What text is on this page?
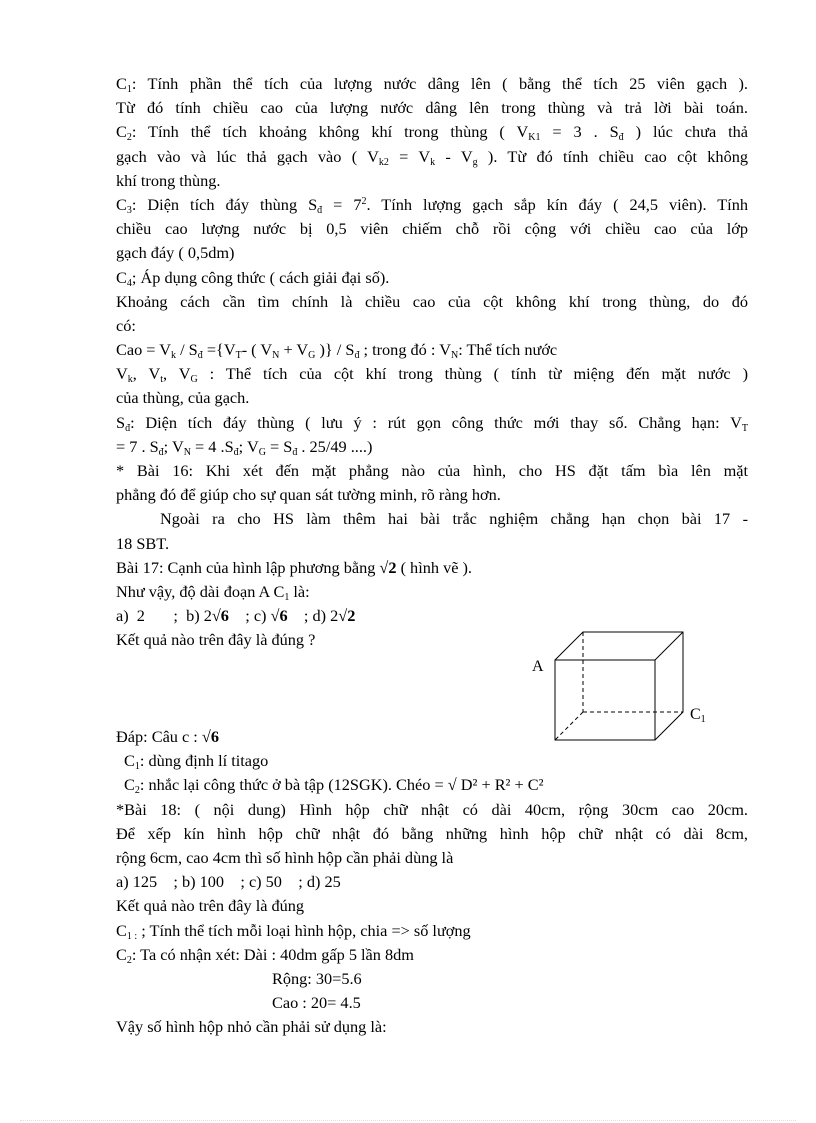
$C_1$: Tính phần thể tích của lượng nước dâng lên ( bằng thể tích 25 viên gạch ).
Từ đó tính chiều cao của lượng nước dâng lên trong thùng và trả lời bài toán.
$C_2$: Tính thể tích khoảng không khí trong thùng ( $V_{K1} = 3$ . $S_đ$ ) lúc chưa thả
gạch vào và lúc thả gạch vào ( $V_{k2} = V_k - V_g$ ). Từ đó tính chiều cao cột không
khí trong thùng.
$C_3$: Diện tích đáy thùng $S_đ = 7^2$. Tính lượng gạch sắp kín đáy ( 24,5 viên). Tính
chiều cao lượng nước bị 0,5 viên chiếm chỗ rồi cộng với chiều cao của lớp
gạch đáy ( 0,5dm)
$C_4$; Áp dụng công thức ( cách giải đại số).
Khoảng cách cần tìm chính là chiều cao của cột không khí trong thùng, do đó
có:
Cao = $V_k / S_đ =\{V_T-$ ( $V_N + V_G$ )} / $S_đ$ ; trong đó : $V_N$: Thể tích nước
$V_k$, $V_t$, $V_G$ : Thể tích của cột khí trong thùng ( tính từ miệng đến mặt nước )
của thùng, của gạch.
$S_đ$: Diện tích đáy thùng ( lưu ý : rút gọn công thức mới thay số. Chẳng hạn: $V_T$
= 7 . $S_đ$; $V_N = 4$ $.S_đ$; $V_G = S_đ$ . 25/49 ....)
* Bài 16: Khi xét đến mặt phẳng nào của hình, cho HS đặt tấm bìa lên mặt
phẳng đó để giúp cho sự quan sát tường minh, rõ ràng hơn.
Ngoài ra cho HS làm thêm hai bài trắc nghiệm chẳng hạn chọn bài 17 -
18 SBT.
Bài 17: Cạnh của hình lập phương bằng √2 ( hình vẽ ).
Như vậy, độ dài đoạn A $C_1$ là:
a)  2       ;  b) 2√6    ; c) √6    ; d) 2√2
Kết quả nào trên đây là đúng ?
Đáp: Câu c : √6
$C_1$: dùng định lí titago
$C_2$: nhắc lại công thức ở bà tập (12SGK). Chéo = √ D² + R² + C²
*Bài 18: ( nội dung) Hình hộp chữ nhật có dài 40cm, rộng 30cm cao 20cm.
Để xếp kín hình hộp chữ nhật đó bằng những hình hộp chữ nhật có dài 8cm,
rộng 6cm, cao 4cm thì số hình hộp cần phải dùng là
a) 125    ; b) 100    ; c) 50    ; d) 25
Kết quả nào trên đây là đúng
$C_{1 :}$ ; Tính thể tích mỗi loại hình hộp, chia => số lượng
$C_2$: Ta có nhận xét: Dài : 40dm gấp 5 lần 8dm
Rộng: 30=5.6
Cao : 20= 4.5
Vậy số hình hộp nhỏ cần phải sử dụng là:
A
$C_1$
